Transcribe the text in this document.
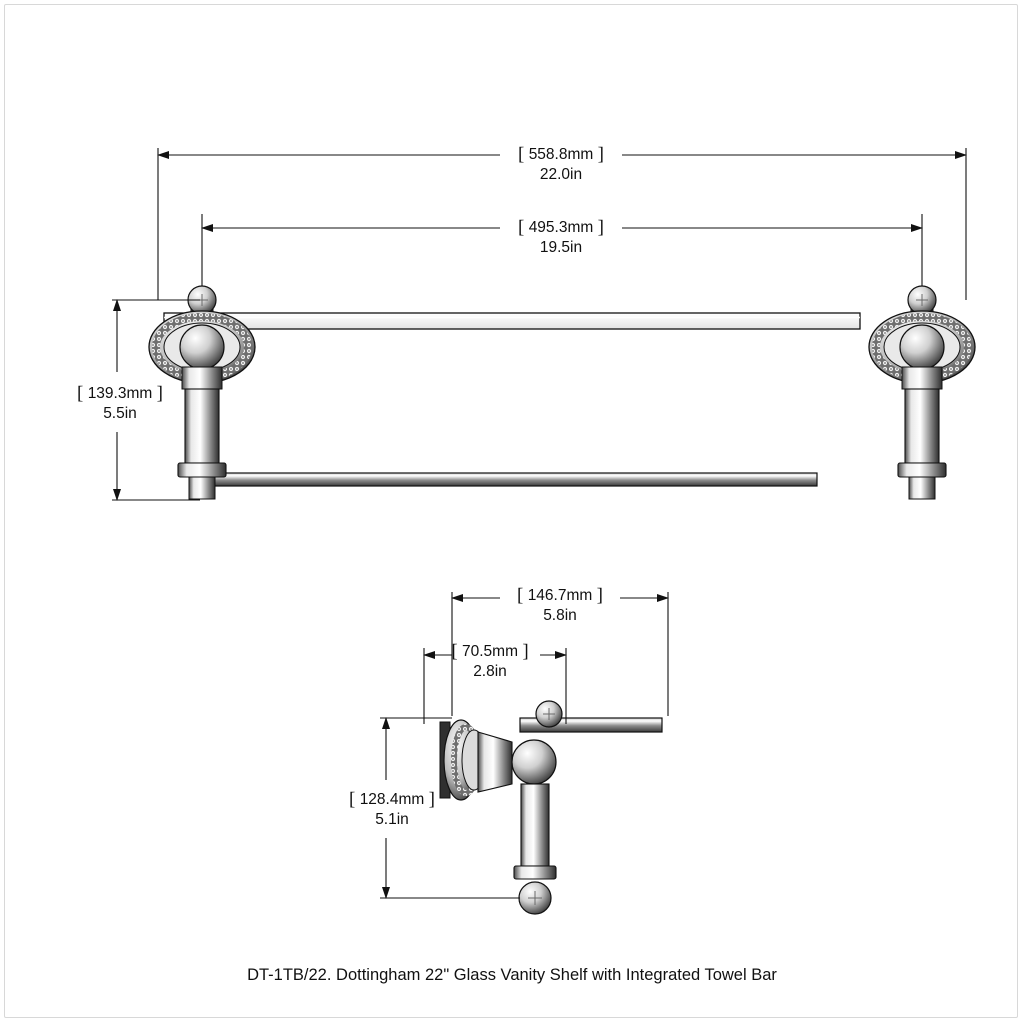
[ 558.8mm ]
22.0in
[ 495.3mm ]
19.5in
[ 139.3mm ]
5.5in
[ 146.7mm ]
5.8in
[ 70.5mm ]
2.8in
[ 128.4mm ]
5.1in
DT-1TB/22. Dottingham 22" Glass Vanity Shelf with Integrated Towel Bar
